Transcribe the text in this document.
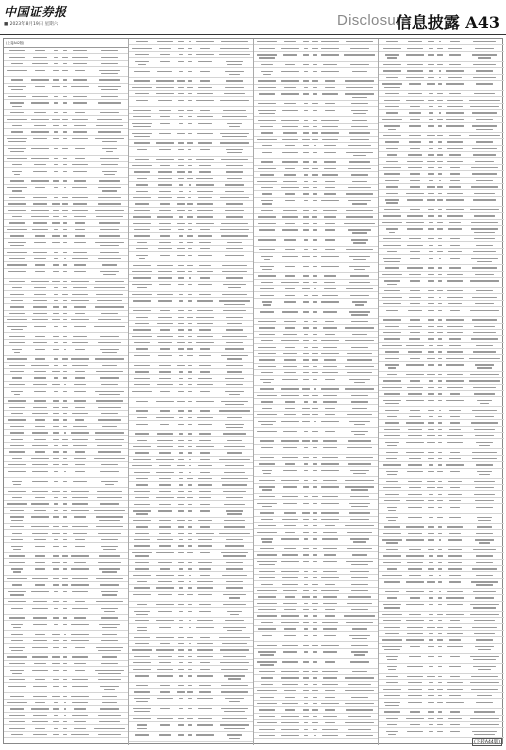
中国证券报
■ 2023年8月19日 星期六	Disclosure
信息披露 A43
(上接A42版)
(下转A44版)
